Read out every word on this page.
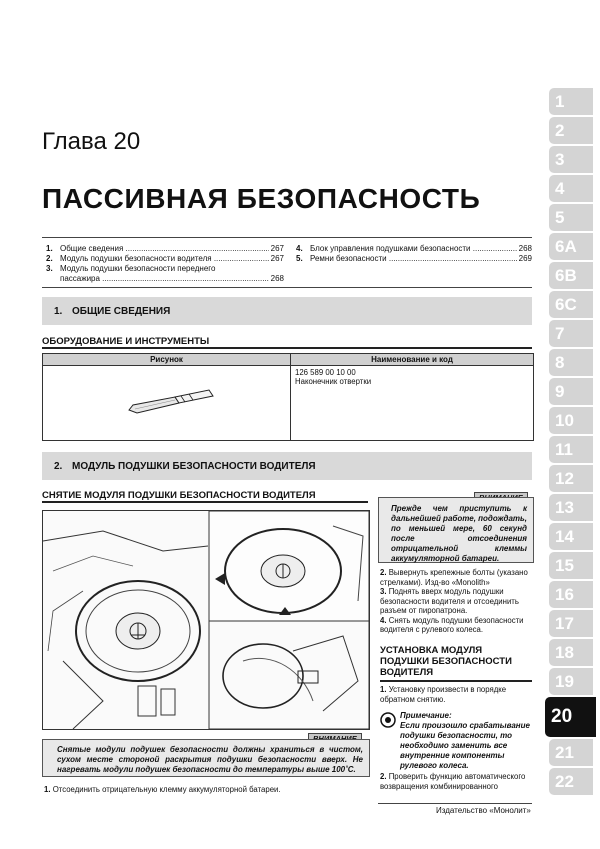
Глава 20
ПАССИВНАЯ БЕЗОПАСНОСТЬ
1. Общие сведения .....	267
2. Модуль подушки безопасности водителя .....	267
3. Модуль подушки безопасности переднего
пассажира .....	268
4. Блок управления подушками безопасности .....	268
5. Ремни безопасности .....	269
1. ОБЩИЕ СВЕДЕНИЯ
ОБОРУДОВАНИЕ И ИНСТРУМЕНТЫ
Рисунок	Наименование и код
126 589 00 10 00
Наконечник отвертки
2. МОДУЛЬ ПОДУШКИ БЕЗОПАСНОСТИ ВОДИТЕЛЯ
СНЯТИЕ МОДУЛЯ ПОДУШКИ БЕЗОПАСНОСТИ ВОДИТЕЛЯ
Прежде чем приступить к дальнейшей работе, подождать, по меньшей мере, 60 секунд после отсоединения отрицательной клеммы аккумуляторной батареи.
2. Вывернуть крепежные болты (указано стрелками). Изд-во «Monolith»
3. Поднять вверх модуль подушки безопасности водителя и отсоединить разъем от пиропатрона.
4. Снять модуль подушки безопасности водителя с рулевого колеса.
УСТАНОВКА МОДУЛЯ ПОДУШКИ БЕЗОПАСНОСТИ ВОДИТЕЛЯ
1. Установку произвести в порядке обратном снятию.
Примечание:
Если произошло срабатывание подушки безопасности, то необходимо заменить все внутренние компоненты рулевого колеса.
2. Проверить функцию автоматического возвращения комбинированного
Снятые модули подушек безопасности должны храниться в чистом, сухом месте стороной раскрытия подушки безопасности вверх. Не нагревать модули подушек безопасности до температуры выше 100˚С.
1. Отсоединить отрицательную клемму аккумуляторной батареи.
Издательство «Монолит»
1
2
3
4
5
6A
6B
6C
7
8
9
10
11
12
13
14
15
16
17
18
19
20
21
22
